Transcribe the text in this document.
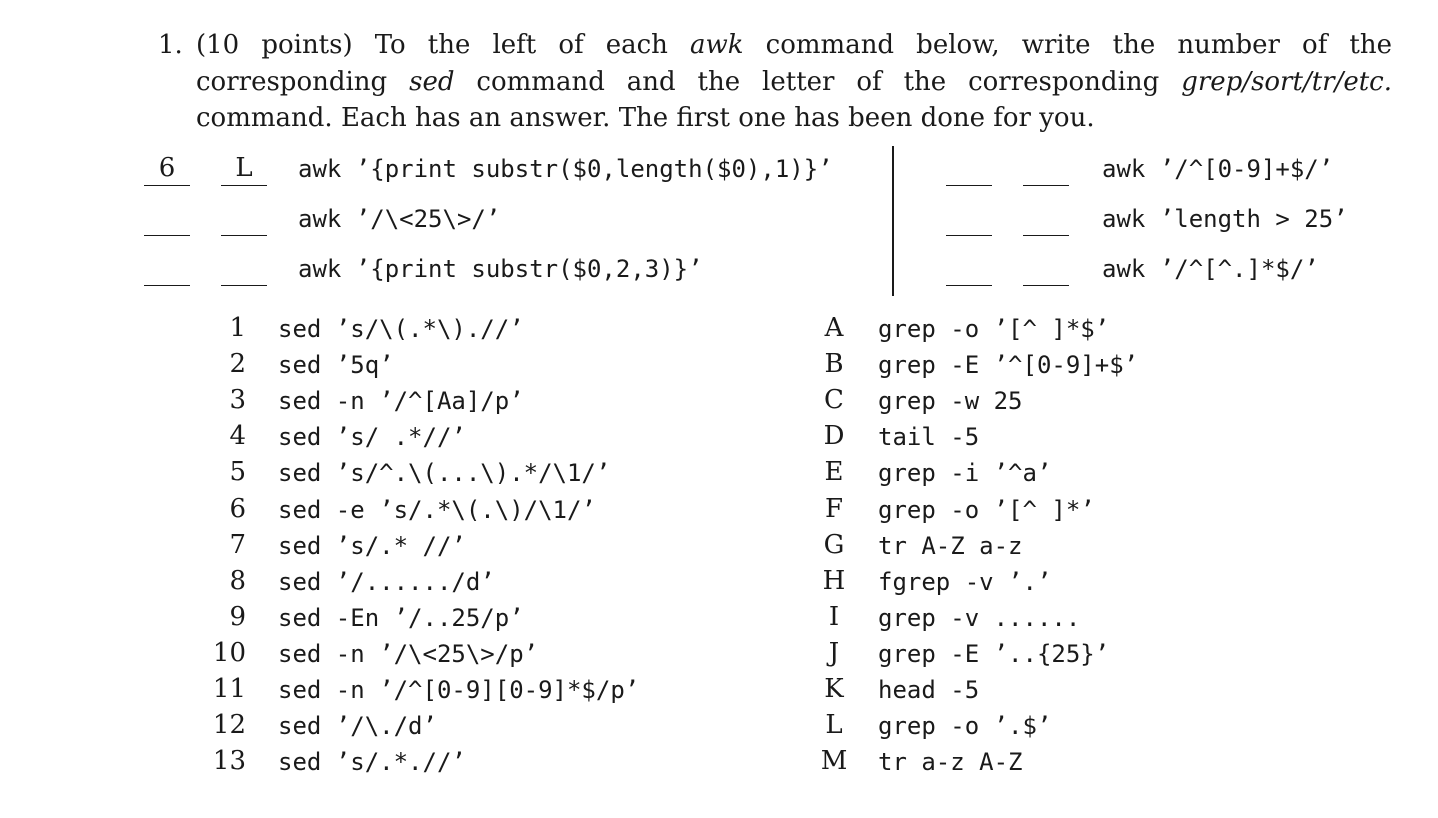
1. (10 points) To the left of each awk command below, write the number of the corresponding sed command and the letter of the corresponding grep/sort/tr/etc. command. Each has an answer. The first one has been done for you.
6	L	awk ’{print substr($0,length($0),1)}’
awk ’/\<25\>/’
awk ’{print substr($0,2,3)}’
awk ’/^[0-9]+$/’
awk ’length > 25’
awk ’/^[^.]*$/’
1 sed ’s/\(.*\).//’
2 sed ’5q’
3 sed -n ’/^[Aa]/p’
4 sed ’s/ .*//’
5 sed ’s/^.\(...\).*/\1/’
6 sed -e ’s/.*\(.\)/\1/’
7 sed ’s/.* //’
8 sed ’/....../d’
9 sed -En ’/..25/p’
10 sed -n ’/\<25\>/p’
11 sed -n ’/^[0-9][0-9]*$/p’
12 sed ’/\./d’
13 sed ’s/.*.//’
A	grep -o ’[^ ]*$’
B	grep -E ’^[0-9]+$’
C	grep -w 25
D	tail -5
E	grep -i ’^a’
F	grep -o ’[^ ]*’
G	tr A-Z a-z
H	fgrep -v ’.’
I	grep -v ......
J	grep -E ’..{25}’
K	head -5
L	grep -o ’.$’
M tr a-z A-Z
